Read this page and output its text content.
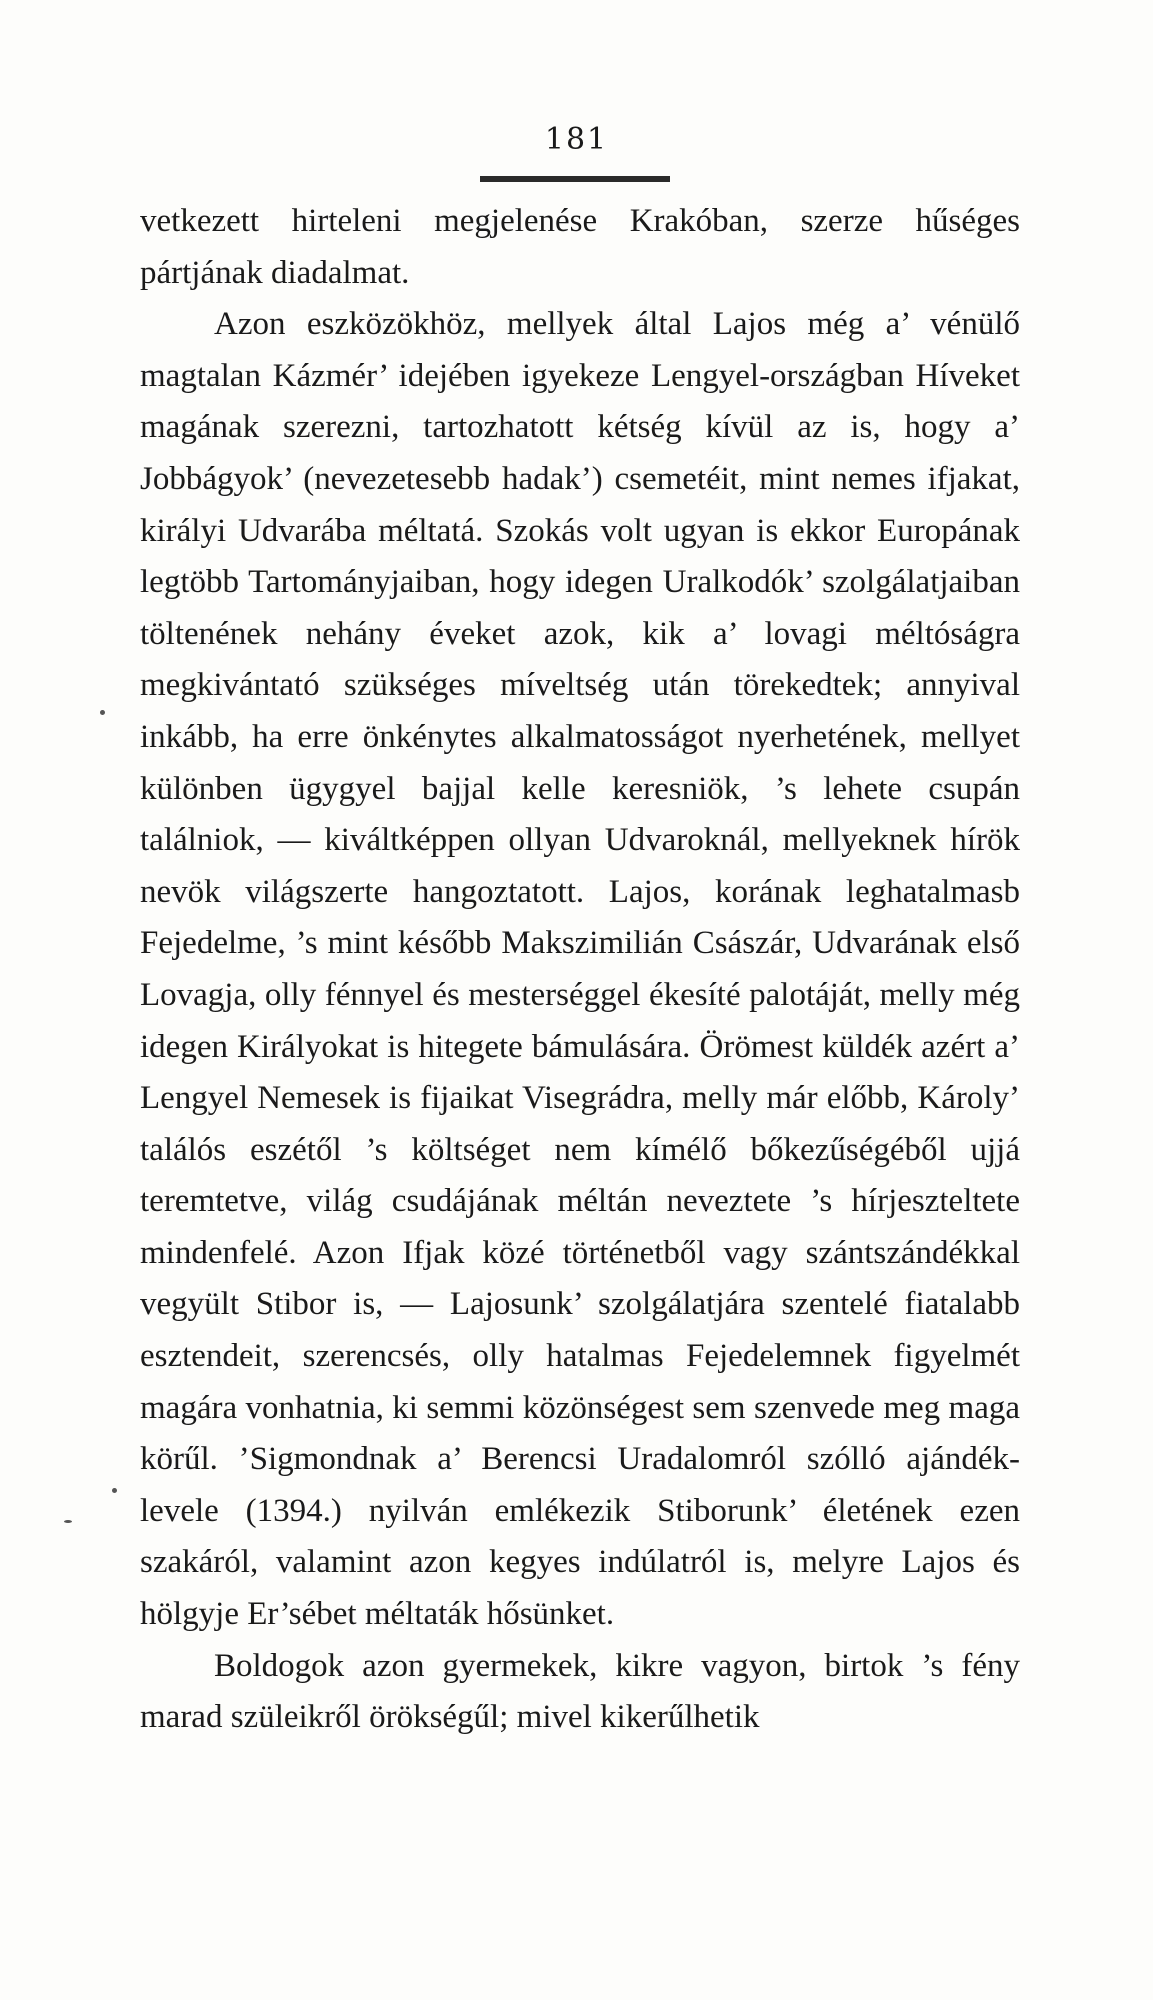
181

vetkezett hirteleni megjelenése Krakóban, szerze hűséges pártjának diadalmat.

Azon eszközökhöz, mellyek által Lajos még a’ vénülő magtalan Kázmér’ idejében igyekeze Lengyel-országban Híveket magának szerezni, tartozhatott kétség kívül az is, hogy a’ Jobbágyok’ (nevezetesebb hadak’) csemetéit, mint nemes ifjakat, királyi Udvarába méltatá. Szokás volt ugyan is ekkor Europának legtöbb Tartományjaiban, hogy idegen Uralkodók’ szolgálatjaiban töltenének nehány éveket azok, kik a’ lovagi méltóságra megkivántató szükséges míveltség után törekedtek; annyival inkább, ha erre önkénytes alkalmatosságot nyerhetének, mellyet különben ügygyel bajjal kelle keresniök, ’s lehete csupán találniok, — kiváltképpen ollyan Udvaroknál, mellyeknek hírök nevök világszerte hangoztatott. Lajos, korának leghatalmasb Fejedelme, ’s mint később Makszimilián Császár, Udvarának első Lovagja, olly fénnyel és mesterséggel ékesíté palotáját, melly még idegen Királyokat is hitegete bámulására. Örömest küldék azért a’ Lengyel Nemesek is fijaikat Visegrádra, melly már előbb, Károly’ találós eszétől ’s költséget nem kímélő bőkezűségéből ujjá teremtetve, világ csudájának méltán neveztete ’s hírjeszteltete mindenfelé. Azon Ifjak közé történetből vagy szántszándékkal vegyült Stibor is, — Lajosunk’ szolgálatjára szentelé fiatalabb esztendeit, szerencsés, olly hatalmas Fejedelemnek figyelmét magára vonhatnia, ki semmi közönségest sem szenvede meg maga körűl. ’Sigmondnak a’ Berencsi Uradalomról szólló ajándék-levele (1394.) nyilván emlékezik Stiborunk’ életének ezen szakáról, valamint azon kegyes indúlatról is, melyre Lajos és hölgyje Er’sébet méltaták hősünket.

Boldogok azon gyermekek, kikre vagyon, birtok ’s fény marad szüleikről örökségűl; mivel kikerűlhetik
